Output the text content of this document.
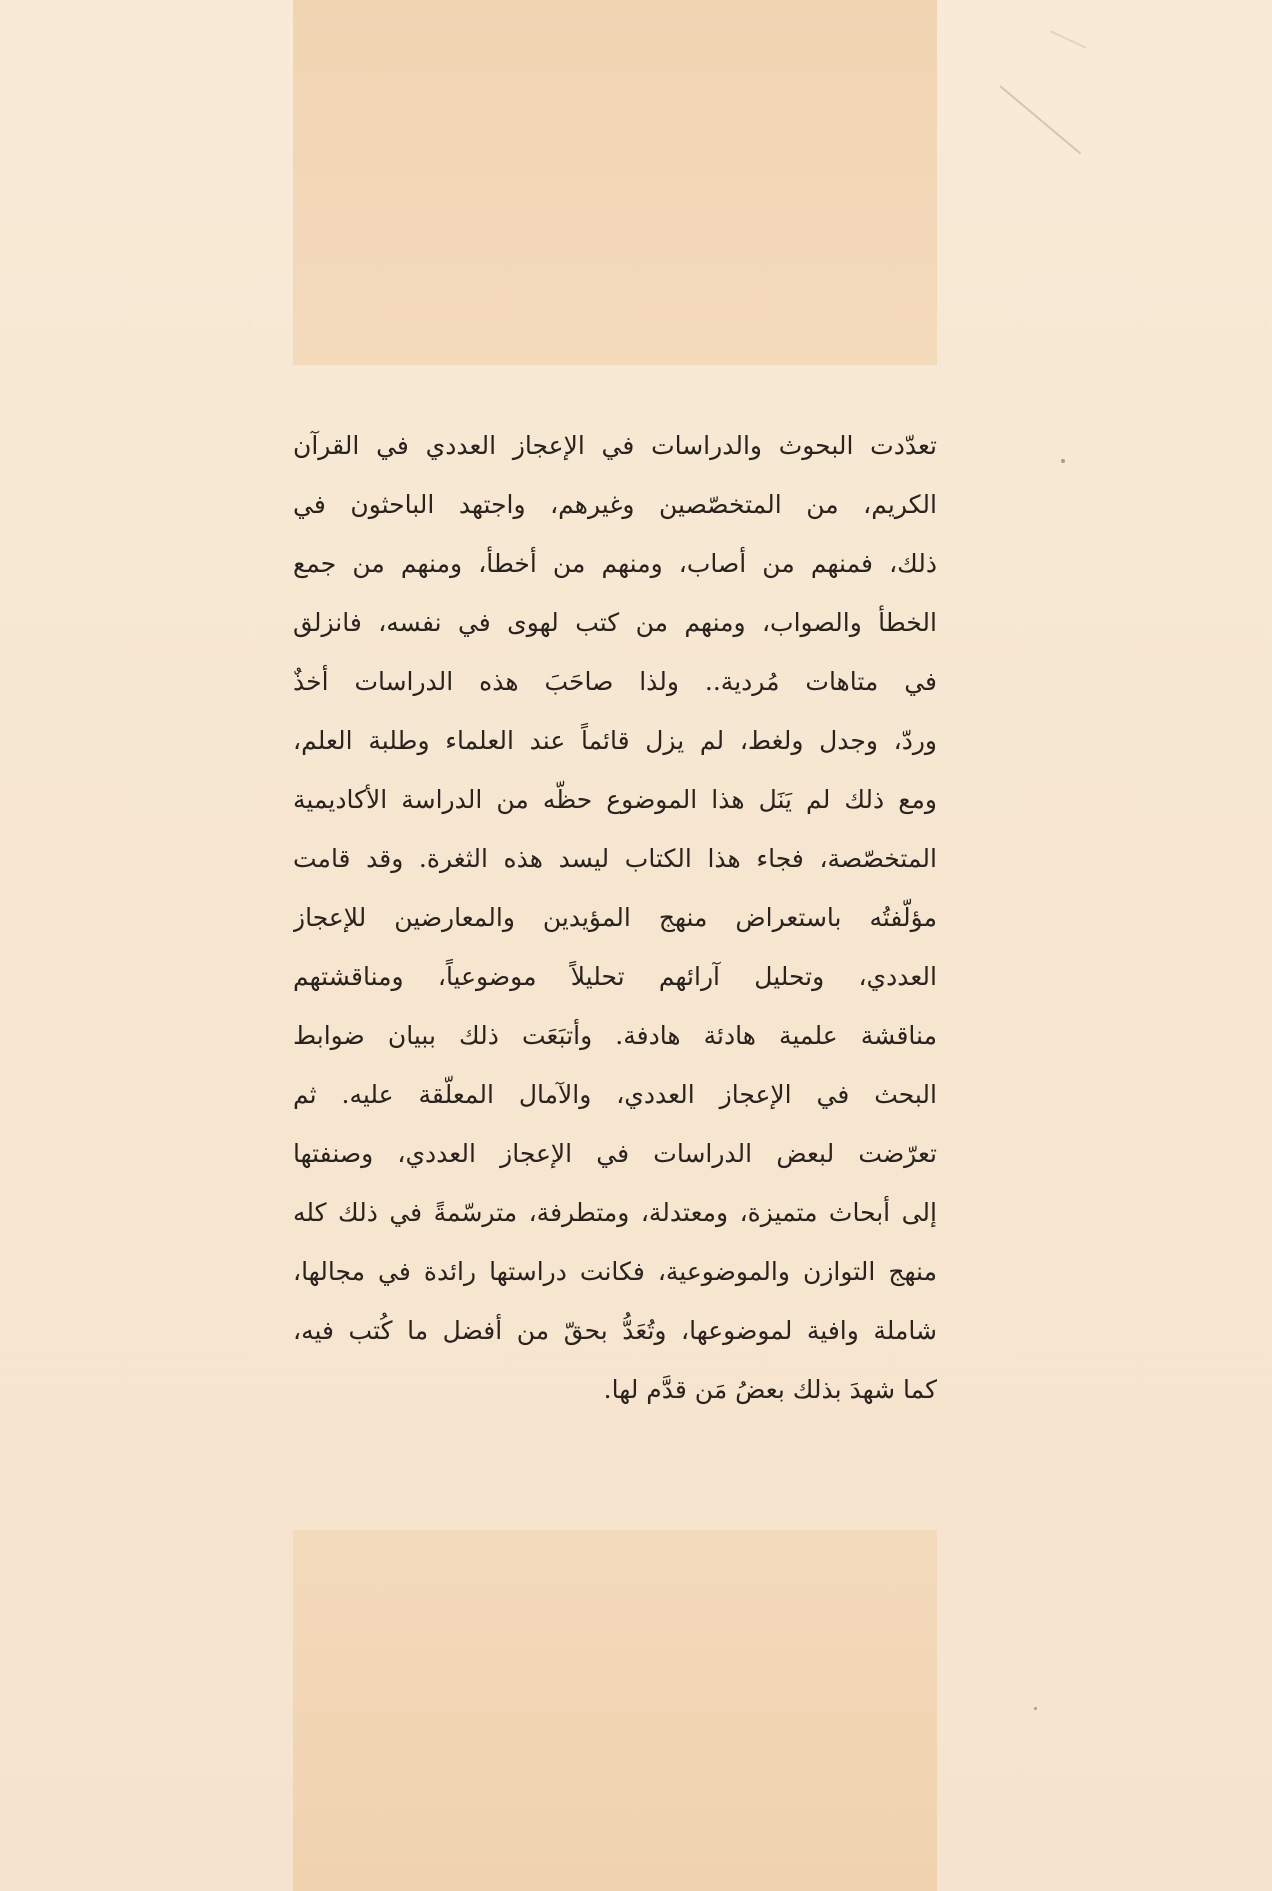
تعدّدت البحوث والدراسات في الإعجاز العددي في القرآن
الكريم، من المتخصّصين وغيرهم، واجتهد الباحثون في
ذلك، فمنهم من أصاب، ومنهم من أخطأ، ومنهم من جمع
الخطأ والصواب، ومنهم من كتب لهوى في نفسه، فانزلق
في متاهات مُردية.. ولذا صاحَبَ هذه الدراسات أخذٌ
وردّ، وجدل ولغط، لم يزل قائماً عند العلماء وطلبة العلم،
ومع ذلك لم يَنَل هذا الموضوع حظّه من الدراسة الأكاديمية
المتخصّصة، فجاء هذا الكتاب ليسد هذه الثغرة. وقد قامت
مؤلّفتُه باستعراض منهج المؤيدين والمعارضين للإعجاز
العددي، وتحليل آرائهم تحليلاً موضوعياً، ومناقشتهم
مناقشة علمية هادئة هادفة. وأتبَعَت ذلك ببيان ضوابط
البحث في الإعجاز العددي، والآمال المعلّقة عليه. ثم
تعرّضت لبعض الدراسات في الإعجاز العددي، وصنفتها
إلى أبحاث متميزة، ومعتدلة، ومتطرفة، مترسّمةً في ذلك كله
منهج التوازن والموضوعية، فكانت دراستها رائدة في مجالها،
شاملة وافية لموضوعها، وتُعَدُّ بحقّ من أفضل ما كُتب فيه،
كما شهدَ بذلك بعضُ مَن قدَّم لها.
